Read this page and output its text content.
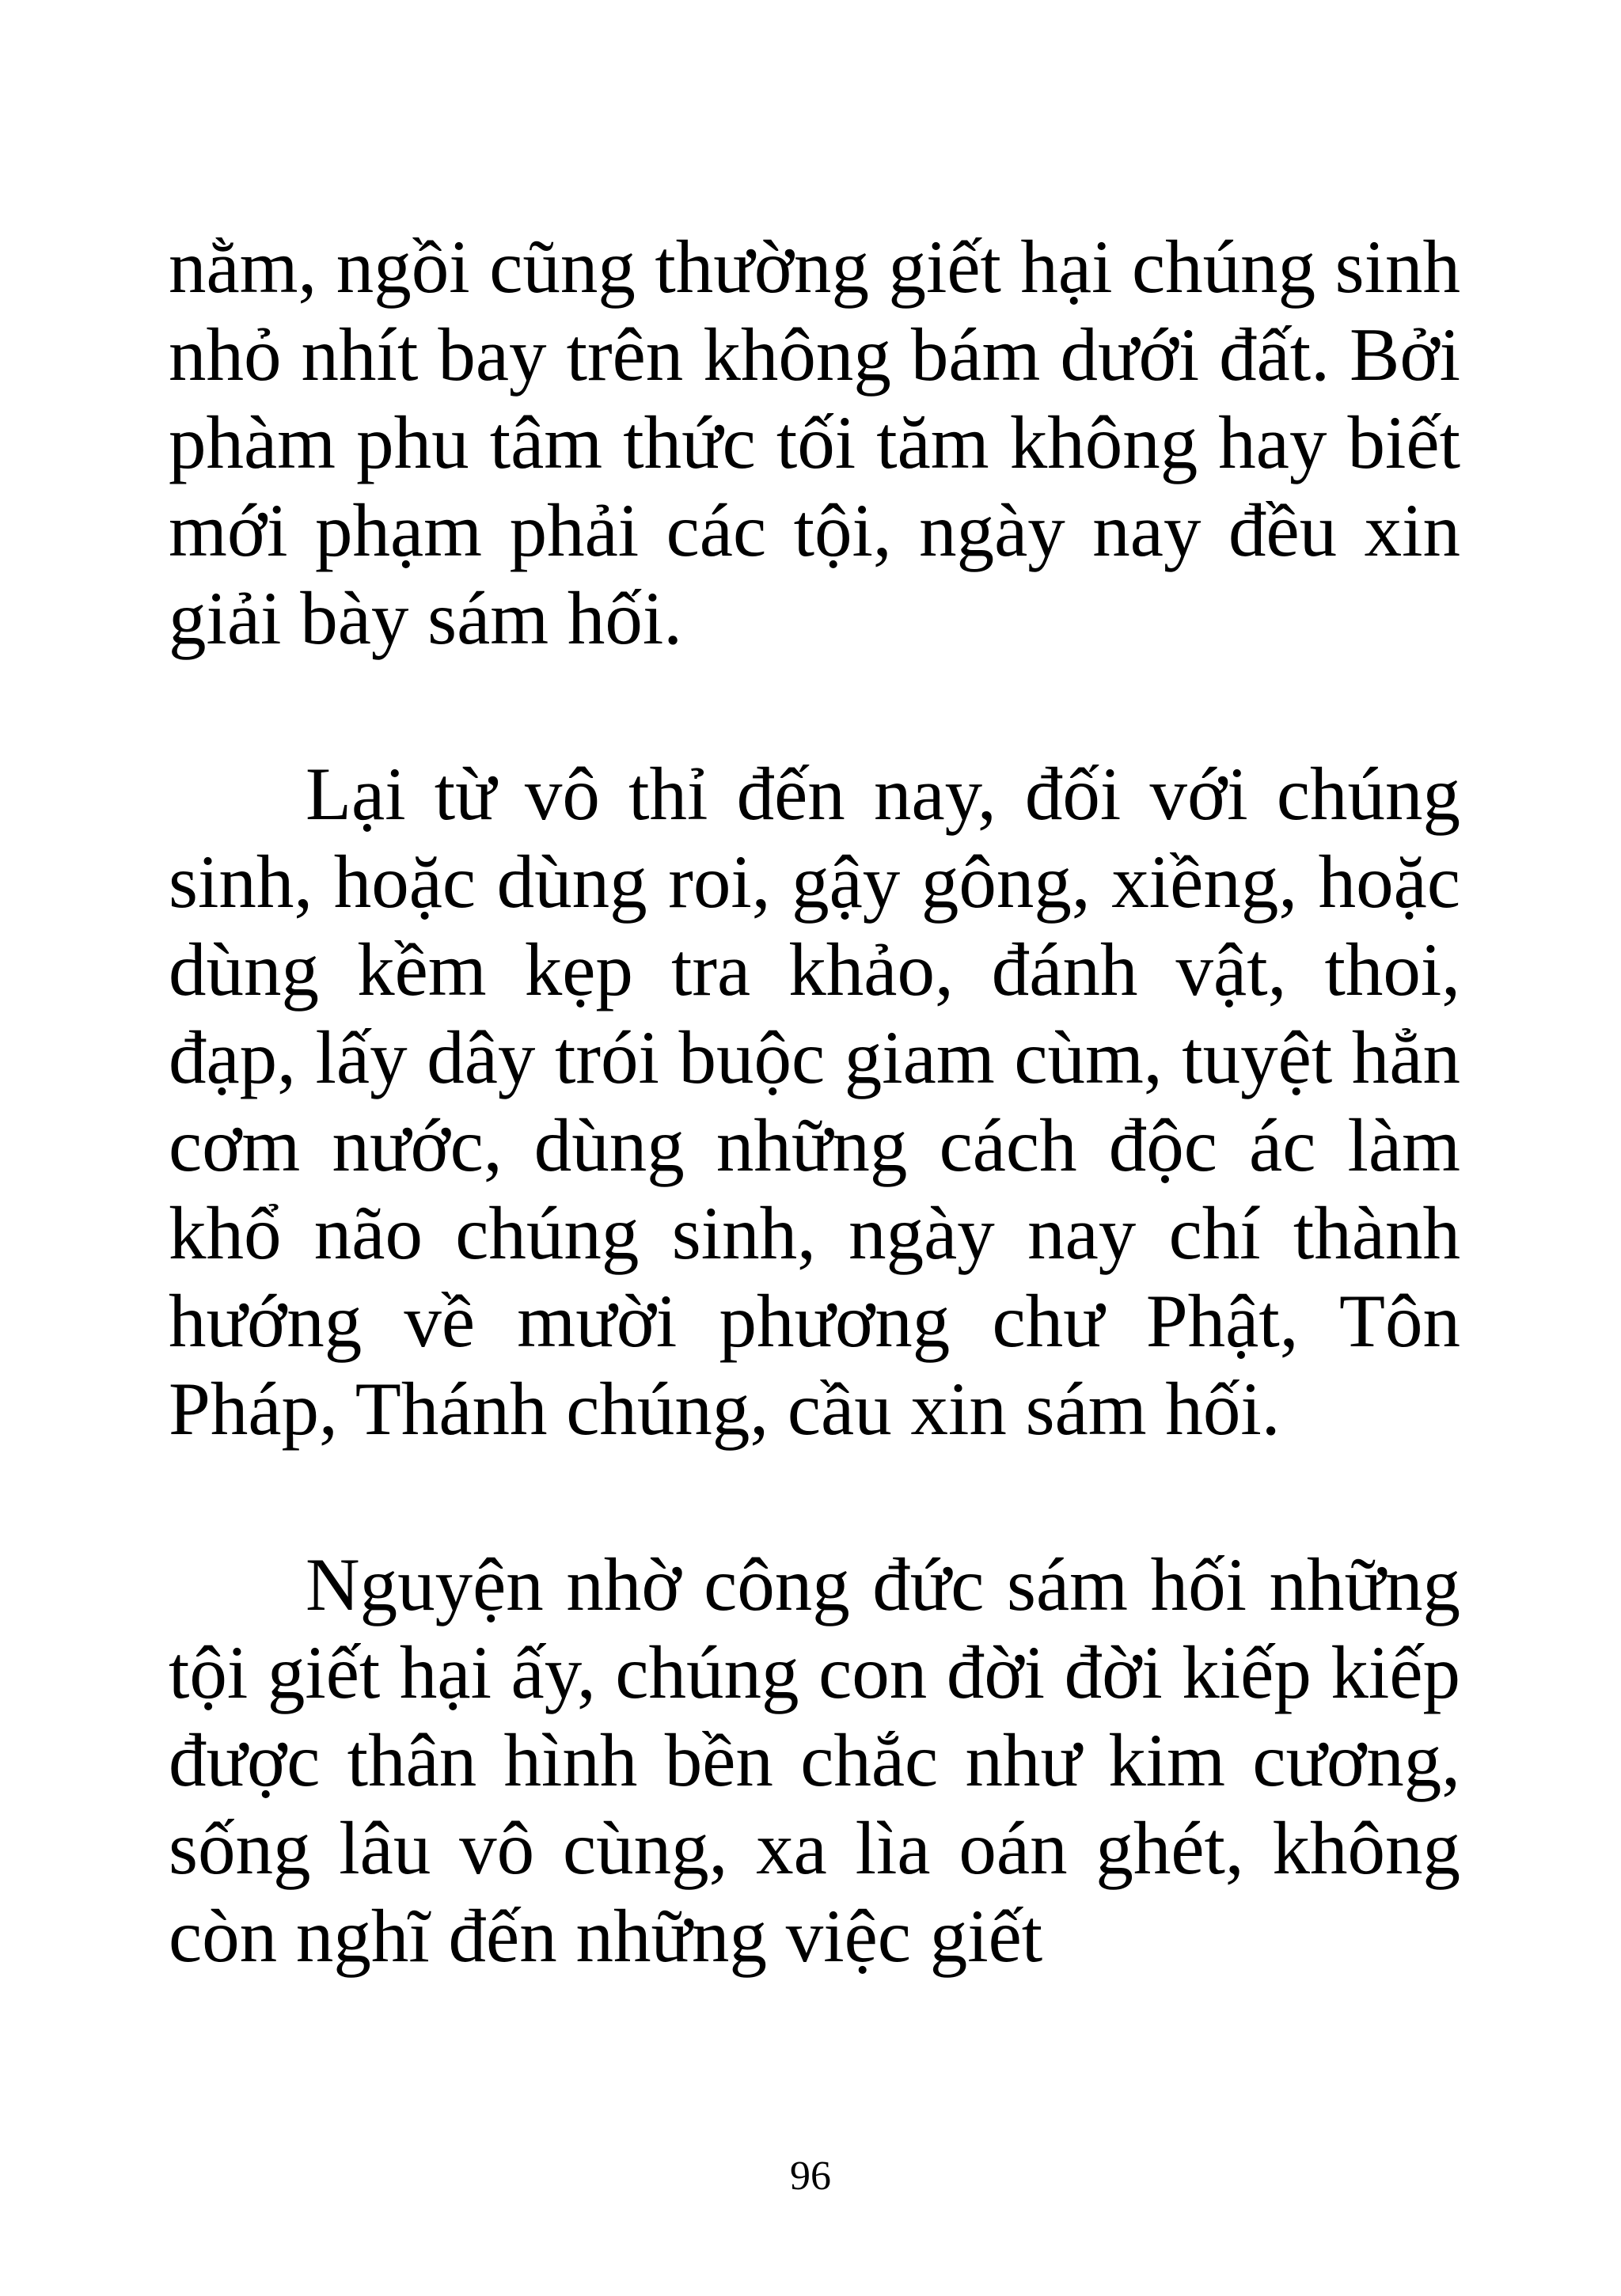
nằm, ngồi cũng thường giết hại chúng sinh nhỏ nhít bay trên không bám dưới đất. Bởi phàm phu tâm thức tối tăm không hay biết mới phạm phải các tội, ngày nay đều xin giải bày sám hối.

Lại từ vô thỉ đến nay, đối với chúng sinh, hoặc dùng roi, gậy gông, xiềng, hoặc dùng kềm kẹp tra khảo, đánh vật, thoi, đạp, lấy dây trói buộc giam cùm, tuyệt hẳn cơm nước, dùng những cách độc ác làm khổ não chúng sinh, ngày nay chí thành hướng về mười phương chư Phật, Tôn Pháp, Thánh chúng, cầu xin sám hối.

Nguyện nhờ công đức sám hối những tội giết hại ấy, chúng con đời đời kiếp kiếp được thân hình bền chắc như kim cương, sống lâu vô cùng, xa lìa oán ghét, không còn nghĩ đến những việc giết

96
